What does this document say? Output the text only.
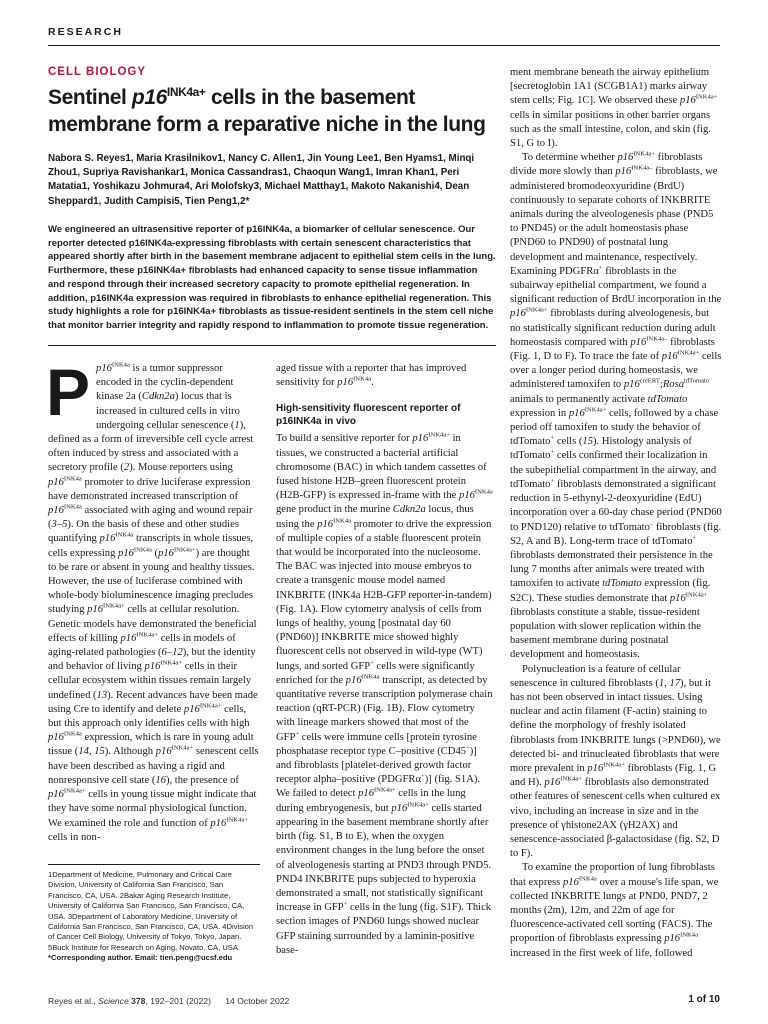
RESEARCH
CELL BIOLOGY
Sentinel $p16^{INK4a+}$ cells in the basement membrane form a reparative niche in the lung
Nabora S. Reyes1, Maria Krasilnikov1, Nancy C. Allen1, Jin Young Lee1, Ben Hyams1, Minqi Zhou1, Supriya Ravishankar1, Monica Cassandras1, Chaoqun Wang1, Imran Khan1, Peri Matatia1, Yoshikazu Johmura4, Ari Molofsky3, Michael Matthay1, Makoto Nakanishi4, Dean Sheppard1, Judith Campisi5, Tien Peng1,2*

We engineered an ultrasensitive reporter of p16INK4a, a biomarker of cellular senescence. Our reporter detected p16INK4a-expressing fibroblasts with certain senescent characteristics that appeared shortly after birth in the basement membrane adjacent to epithelial stem cells in the lung. Furthermore, these p16INK4a+ fibroblasts had enhanced capacity to sense tissue inflammation and respond through their increased secretory capacity to promote epithelial regeneration. In addition, p16INK4a expression was required in fibroblasts to enhance epithelial regeneration. This study highlights a role for p16INK4a+ fibroblasts as tissue-resident sentinels in the stem cell niche that monitor barrier integrity and rapidly respond to inflammation to promote tissue regeneration.

$Pp16^{INK4a}$ is a tumor suppressor encoded in the cyclin-dependent kinase 2a (Cdkn2a) locus that is increased in cultured cells in vitro undergoing cellular senescence (1), defined as a form of irreversible cell cycle arrest often induced by stress and associated with a secretory profile (2). Mouse reporters using $p16^{INK4a}$ promoter to drive luciferase expression have demonstrated increased transcription of $p16^{INK4a}$ associated with aging and wound repair (3–5). On the basis of these and other studies quantifying $p16^{INK4a}$ transcripts in whole tissues, cells expressing $p16^{INK4a}$ $(p16^{INK4a+})$ are thought to be rare or absent in young and healthy tissues. However, the use of luciferase combined with whole-body bioluminescence imaging precludes studying $p16^{INK4a+}$ cells at cellular resolution. Genetic models have demonstrated the beneficial effects of killing $p16^{INK4a+}$ cells in models of aging-related pathologies (6–12), but the identity and behavior of living $p16^{INK4a+}$ cells in their cellular ecosystem within tissues remain largely undefined (13). Recent advances have been made using Cre to identify and delete $p16^{INK4a+}$ cells, but this approach only identifies cells with high $p16^{INK4a}$ expression, which is rare in young adult tissue (14, 15). Although $p16^{INK4a+}$ senescent cells have been described as having a rigid and nonresponsive cell state (16), the presence of $p16^{INK4a+}$ cells in young tissue might indicate that they have some normal physiological function. We examined the role and function of $p16^{INK4a+}$ cells in non-

1Department of Medicine, Pulmonary and Critical Care Division, University of California San Francisco, San Francisco, CA, USA. 2Bakar Aging Research Institute, University of California San Francisco, San Francisco, CA, USA. 3Department of Laboratory Medicine, University of California San Francisco, San Francisco, CA, USA. 4Division of Cancer Cell Biology, University of Tokyo, Tokyo, Japan. 5Buck Institute for Research on Aging, Novato, CA, USA.

*Corresponding author. Email: tien.peng@ucsf.edu

aged tissue with a reporter that has improved sensitivity for $p16^{INK4a}$.

High-sensitivity fluorescent reporter of p16INK4a in vivo

To build a sensitive reporter for $p16^{INK4a+}$ in tissues, we constructed a bacterial artificial chromosome (BAC) in which tandem cassettes of fused histone H2B–green fluorescent protein (H2B-GFP) is expressed in-frame with the $p16^{INK4a}$ gene product in the murine Cdkn2a locus, thus using the $p16^{INK4a}$ promoter to drive the expression of multiple copies of a stable fluorescent protein that would be incorporated into the nucleosome. The BAC was injected into mouse embryos to create a transgenic mouse model named INKBRITE (INK4a H2B-GFP reporter-in-tandem) (Fig. 1A). Flow cytometry analysis of cells from lungs of healthy, young [postnatal day 60 (PND60)] INKBRITE mice showed highly fluorescent cells not observed in wild-type (WT) lungs, and sorted GFP+ cells were significantly enriched for the $p16^{INK4a}$ transcript, as detected by quantitative reverse transcription polymerase chain reaction (qRT-PCR) (Fig. 1B). Flow cytometry with lineage markers showed that most of the GFP+ cells were immune cells [protein tyrosine phosphatase receptor type C–positive (CD45+)] and fibroblasts [platelet-derived growth factor receptor alpha–positive (PDGFRα+)] (fig. S1A). We failed to detect $p16^{INK4a+}$ cells in the lung during embryogenesis, but $p16^{INK4a+}$ cells started appearing in the basement membrane shortly after birth (fig. S1, B to E), when the oxygen environment changes in the lung before the onset of alveologenesis starting at PND3 through PND5. PND4 INKBRITE pups subjected to hyperoxia demonstrated a small, not statistically significant increase in GFP+ cells in the lung (fig. S1F). Thick section images of PND60 lungs showed nuclear GFP staining surrounded by a laminin-positive base-

ment membrane beneath the airway epithelium [secretoglobin 1A1 (SCGB1A1) marks airway stem cells; Fig. 1C]. We observed these $p16^{INK4a+}$ cells in similar positions in other barrier organs such as the small intestine, colon, and skin (fig. S1, G to I).

To determine whether $p16^{INK4a+}$ fibroblasts divide more slowly than $p16^{INK4a-}$ fibroblasts, we administered bromodeoxyuridine (BrdU) continuously to separate cohorts of INKBRITE animals during the alveologenesis phase (PND5 to PND45) or the adult homeostasis phase (PND60 to PND90) of postnatal lung development and maintenance, respectively. Examining PDGFRα+ fibroblasts in the subairway epithelial compartment, we found a significant reduction of BrdU incorporation in the $p16^{INK4a+}$ fibroblasts during alveologenesis, but no statistically significant reduction during adult homeostasis compared with $p16^{INK4a-}$ fibroblasts (Fig. 1, D to F). To trace the fate of $p16^{INK4a+}$ cells over a longer period during homeostasis, we administered tamoxifen to $p16^{creERT};Rosa^{tdTomato}$ animals to permanently activate tdTomato expression in $p16^{INK4a+}$ cells, followed by a chase period off tamoxifen to study the behavior of tdTomato+ cells (15). Histology analysis of tdTomato+ cells confirmed their localization in the subepithelial compartment in the airway, and tdTomato+ fibroblasts demonstrated a significant reduction in 5-ethynyl-2-deoxyuridine (EdU) incorporation over a 60-day chase period (PND60 to PND120) relative to tdTomato– fibroblasts (fig. S2, A and B). Long-term trace of tdTomato+ fibroblasts demonstrated their persistence in the lung 7 months after animals were treated with tamoxifen to activate tdTomato expression (fig. S2C). These studies demonstrate that $p16^{INK4a+}$ fibroblasts constitute a stable, tissue-resident population with slower replication within the basement membrane during postnatal development and homeostasis.

Polynucleation is a feature of cellular senescence in cultured fibroblasts (1, 17), but it has not been observed in intact tissues. Using nuclear and actin filament (F-actin) staining to define the morphology of freshly isolated fibroblasts from INKBRITE lungs (>PND60), we detected bi- and trinucleated fibroblasts that were more prevalent in $p16^{INK4a+}$ fibroblasts (Fig. 1, G and H). $p16^{INK4a+}$ fibroblasts also demonstrated other features of senescent cells when cultured ex vivo, including an increase in size and in the presence of γhistone2AX (γH2AX) and senescence-associated β-galactosidase (fig. S2, D to F).

To examine the proportion of lung fibroblasts that express $p16^{INK4a}$ over a mouse's life span, we collected INKBRITE lungs at PND0, PND7, 2 months (2m), 12m, and 22m of age for fluorescence-activated cell sorting (FACS). The proportion of fibroblasts expressing $p16^{INK4a}$ increased in the first week of life, followed

Reyes et al., Science 378, 192–201 (2022) 14 October 2022	1 of 10
